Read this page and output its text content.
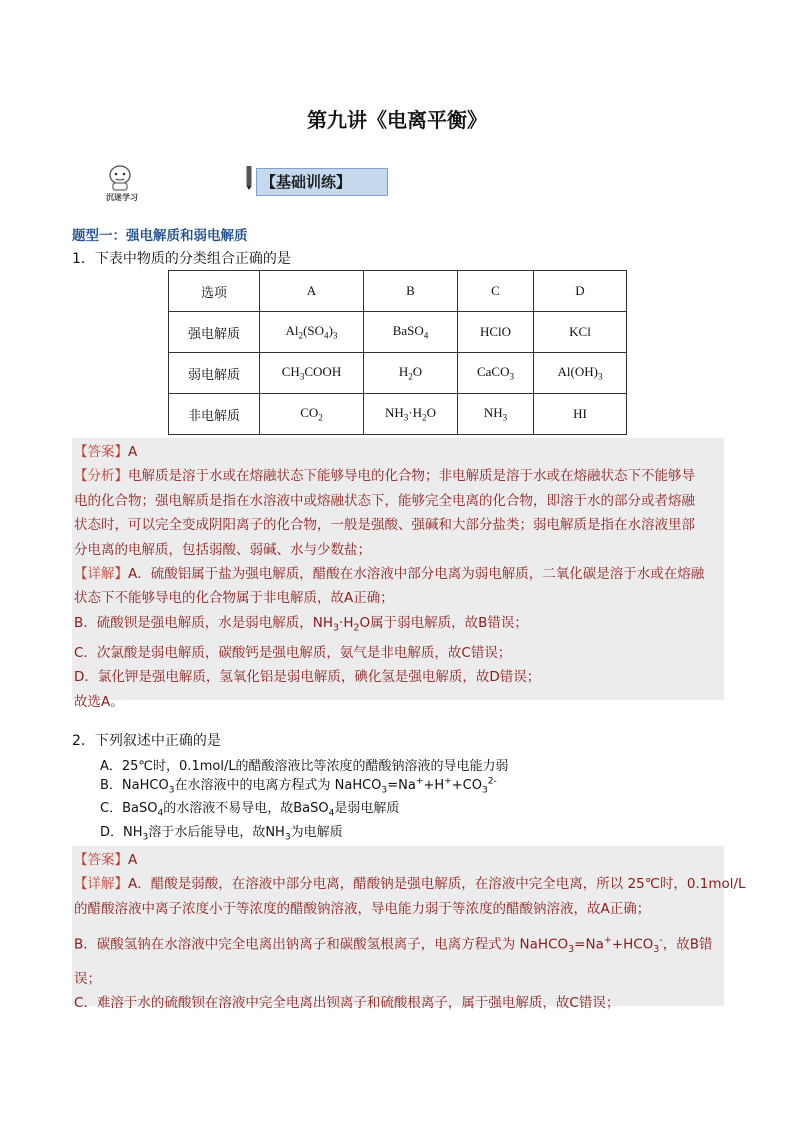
第九讲《电离平衡》
沉迷学习
【基础训练】
题型一：强电解质和弱电解质
1．下表中物质的分类组合正确的是
选项	A	B	C	D
强电解质	$Al_2(SO_4)_3$	BaSO$_4$	HClO	KCl
弱电解质	$CH_3COOH$	$H_2O$	CaCO$_3$	$Al(OH)_3$
非电解质	$CO_2$	$NH_3\cdot H_2O$	$NH_3$	HI
【答案】A
【分析】电解质是溶于水或在熔融状态下能够导电的化合物；非电解质是溶于水或在熔融状态下不能够导
电的化合物；强电解质是指在水溶液中或熔融状态下，能够完全电离的化合物，即溶于水的部分或者熔融
状态时，可以完全变成阴阳离子的化合物，一般是强酸、强碱和大部分盐类；弱电解质是指在水溶液里部
分电离的电解质，包括弱酸、弱碱、水与少数盐；
【详解】A．硫酸铝属于盐为强电解质，醋酸在水溶液中部分电离为弱电解质，二氧化碳是溶于水或在熔融
状态下不能够导电的化合物属于非电解质，故A正确；
B．硫酸钡是强电解质，水是弱电解质，$NH_3\cdot H_2O$属于弱电解质，故B错误；
C．次氯酸是弱电解质，碳酸钙是强电解质，氨气是非电解质，故C错误；
D．氯化钾是强电解质，氢氧化铝是弱电解质，碘化氢是强电解质，故D错误；
故选A。
2．下列叙述中正确的是
A．25℃时，0.1mol/L的醋酸溶液比等浓度的醋酸钠溶液的导电能力弱
B．NaHCO$_3$在水溶液中的电离方程式为 $NaHCO_3=Na^++H^++CO_3^{2-}$
C．BaSO$_4$的水溶液不易导电，故BaSO$_4$是弱电解质
D．$NH_3$溶于水后能导电，故$NH_3$为电解质
【答案】A
【详解】A．醋酸是弱酸，在溶液中部分电离，醋酸钠是强电解质，在溶液中完全电离，所以 25℃时，0.1mol/L
的醋酸溶液中离子浓度小于等浓度的醋酸钠溶液，导电能力弱于等浓度的醋酸钠溶液，故A正确；
B．碳酸氢钠在水溶液中完全电离出钠离子和碳酸氢根离子，电离方程式为 $NaHCO_3=Na^++HCO_3^-$，故B错
误；
C．难溶于水的硫酸钡在溶液中完全电离出钡离子和硫酸根离子，属于强电解质，故C错误；
